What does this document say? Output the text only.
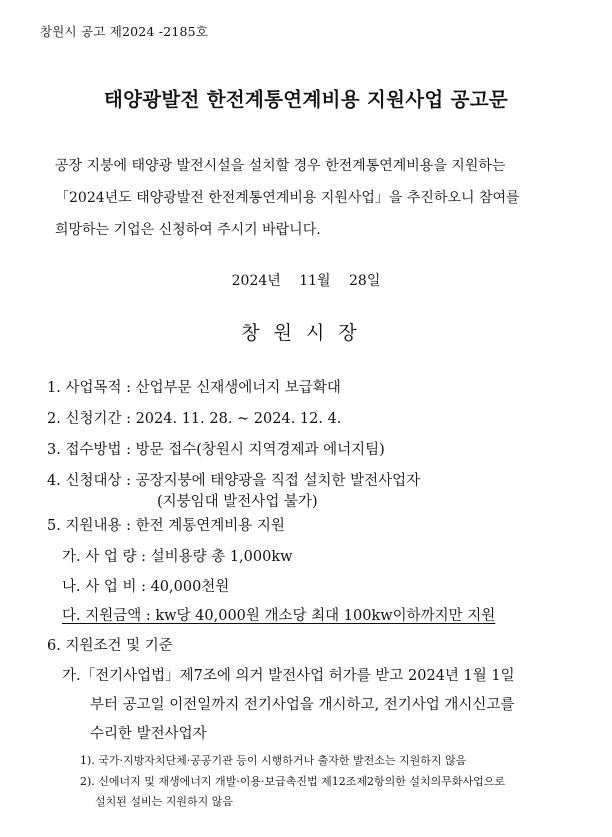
창원시 공고 제2024 -2185호
태양광발전 한전계통연계비용 지원사업 공고문
공장 지붕에 태양광 발전시설을 설치할 경우 한전계통연계비용을 지원하는
「2024년도 태양광발전 한전계통연계비용 지원사업」을 추진하오니 참여를
희망하는 기업은 신청하여 주시기 바랍니다.
2024년 11월 28일
창원시장
1. 사업목적 : 산업부문 신재생에너지 보급확대
2. 신청기간 : 2024. 11. 28. ~ 2024. 12. 4.
3. 접수방법 : 방문 접수(창원시 지역경제과 에너지팀)
4. 신청대상 : 공장지붕에 태양광을 직접 설치한 발전사업자
(지붕임대 발전사업 불가)
5. 지원내용 : 한전 계통연계비용 지원
가. 사 업 량 : 설비용량 총 1,000kw
나. 사 업 비 : 40,000천원
다. 지원금액 : kw당 40,000원 개소당 최대 100kw이하까지만 지원
6. 지원조건 및 기준
가.「전기사업법」제7조에 의거 발전사업 허가를 받고 2024년 1월 1일
부터 공고일 이전일까지 전기사업을 개시하고, 전기사업 개시신고를
수리한 발전사업자
1). 국가·지방자치단체·공공기관 등이 시행하거나 출자한 발전소는 지원하지 않음
2). 신에너지 및 재생에너지 개발·이용·보급촉진법 제12조제2항의한 설치의무화사업으로
설치된 설비는 지원하지 않음
